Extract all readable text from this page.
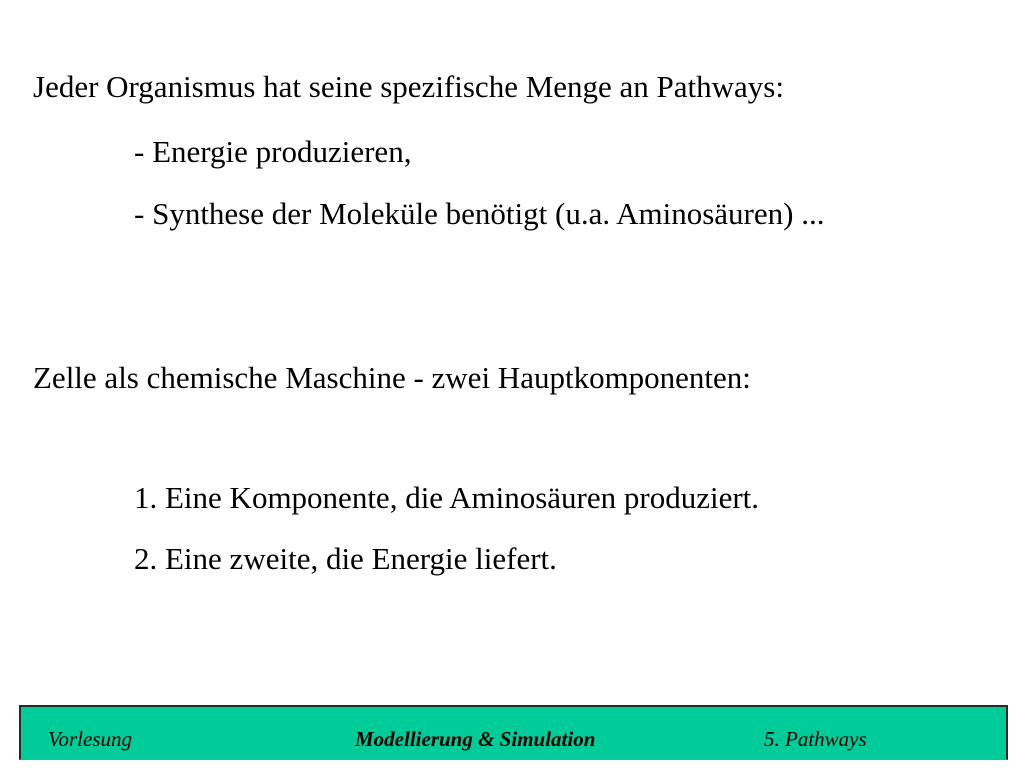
Jeder Organismus hat seine spezifische Menge an Pathways:
- Energie produzieren,
- Synthese der Moleküle benötigt (u.a. Aminosäuren) ...
Zelle als chemische Maschine - zwei Hauptkomponenten:
1. Eine Komponente, die Aminosäuren produziert.
2. Eine zweite, die Energie liefert.
Vorlesung	Modellierung & Simulation	5. Pathways
